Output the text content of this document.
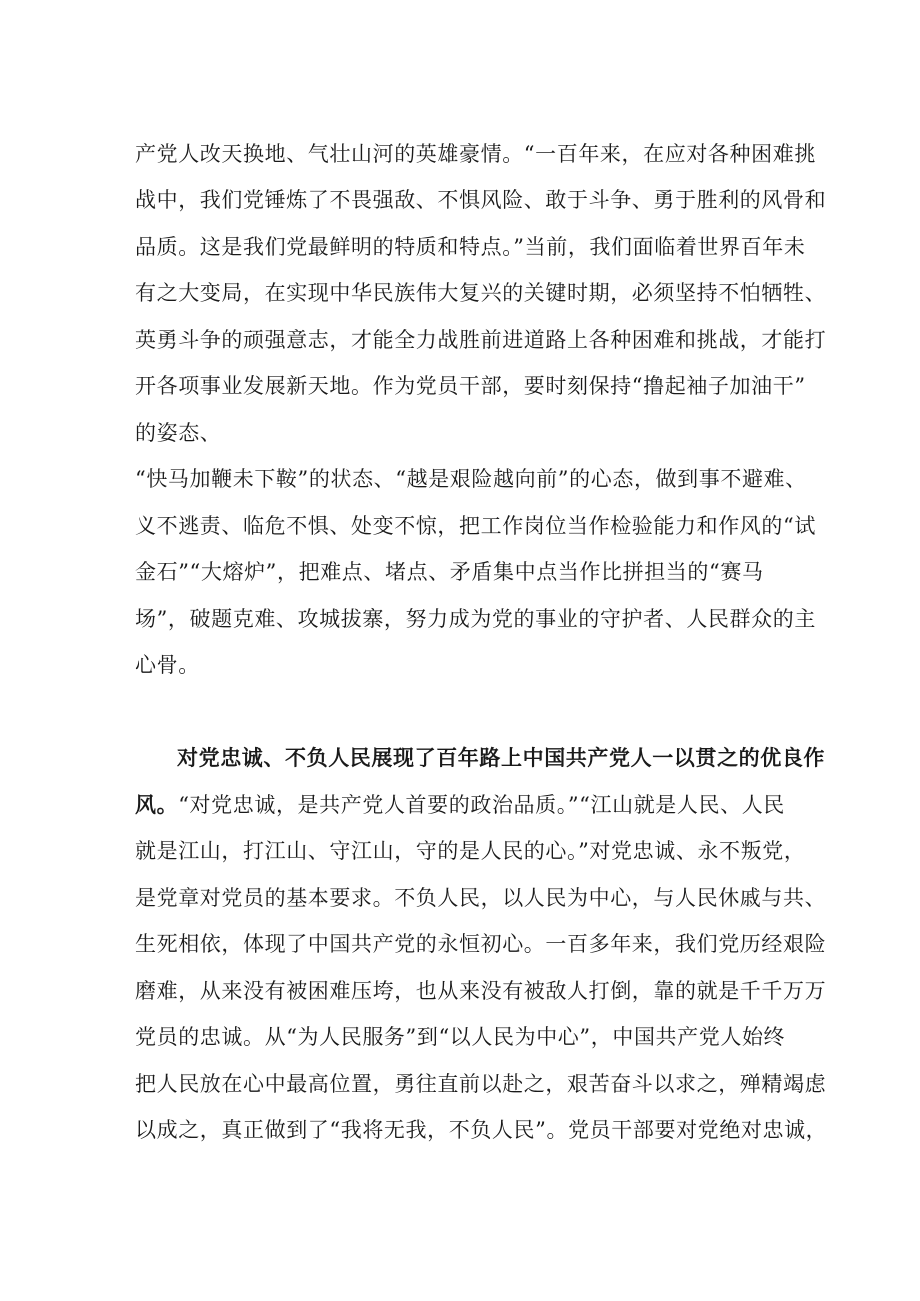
产党人改天换地、气壮山河的英雄豪情。“一百年来，在应对各种困难挑
战中，我们党锤炼了不畏强敌、不惧风险、敢于斗争、勇于胜利的风骨和
品质。这是我们党最鲜明的特质和特点。”当前，我们面临着世界百年未
有之大变局，在实现中华民族伟大复兴的关键时期，必须坚持不怕牺牲、
英勇斗争的顽强意志，才能全力战胜前进道路上各种困难和挑战，才能打
开各项事业发展新天地。作为党员干部，要时刻保持“撸起袖子加油干”
的姿态、
“快马加鞭未下鞍”的状态、“越是艰险越向前”的心态，做到事不避难、
义不逃责、临危不惧、处变不惊，把工作岗位当作检验能力和作风的“试
金石”“大熔炉”，把难点、堵点、矛盾集中点当作比拼担当的“赛马
场”，破题克难、攻城拔寨，努力成为党的事业的守护者、人民群众的主
心骨。
对党忠诚、不负人民展现了百年路上中国共产党人一以贯之的优良作
风。“对党忠诚，是共产党人首要的政治品质。”“江山就是人民、人民
就是江山，打江山、守江山，守的是人民的心。”对党忠诚、永不叛党，
是党章对党员的基本要求。不负人民，以人民为中心，与人民休戚与共、
生死相依，体现了中国共产党的永恒初心。一百多年来，我们党历经艰险
磨难，从来没有被困难压垮，也从来没有被敌人打倒，靠的就是千千万万
党员的忠诚。从“为人民服务”到“以人民为中心”，中国共产党人始终
把人民放在心中最高位置，勇往直前以赴之，艰苦奋斗以求之，殚精竭虑
以成之，真正做到了“我将无我，不负人民”。党员干部要对党绝对忠诚，
